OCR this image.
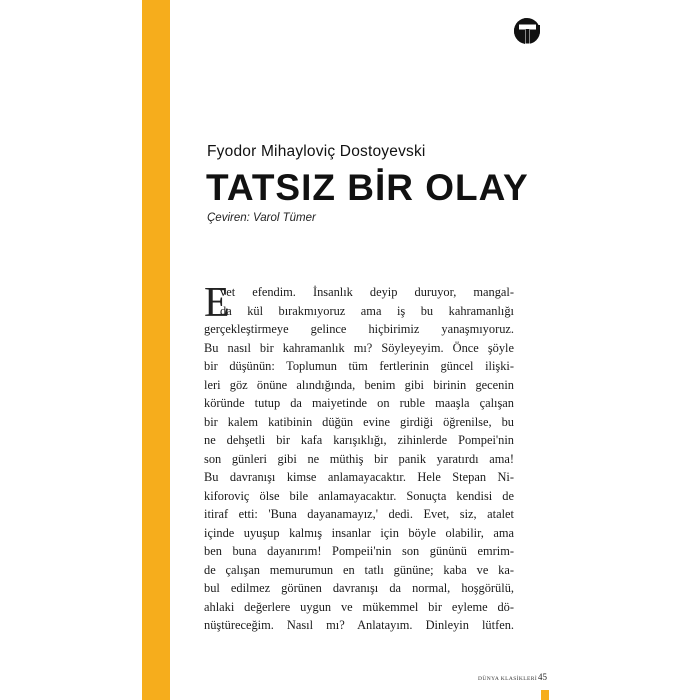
Fyodor Mihayloviç Dostoyevski
TATSIZ BİR OLAY
Çeviren: Varol Tümer
E
vet efendim. İnsanlık deyip duruyor, mangal-
da kül bırakmıyoruz ama iş bu kahramanlığı
gerçekleştirmeye gelince hiçbirimiz yanaşmıyoruz.
Bu nasıl bir kahramanlık mı? Söyleyeyim. Önce şöyle
bir düşünün: Toplumun tüm fertlerinin güncel ilişki-
leri göz önüne alındığında, benim gibi birinin gecenin
köründe tutup da maiyetinde on ruble maaşla çalışan
bir kalem katibinin düğün evine girdiği öğrenilse, bu
ne dehşetli bir kafa karışıklığı, zihinlerde Pompei'nin
son günleri gibi ne müthiş bir panik yaratırdı ama!
Bu davranışı kimse anlamayacaktır. Hele Stepan Ni-
kiforoviç ölse bile anlamayacaktır. Sonuçta kendisi de
itiraf etti: 'Buna dayanamayız,' dedi. Evet, siz, atalet
içinde uyuşup kalmış insanlar için böyle olabilir, ama
ben buna dayanırım! Pompeii'nin son gününü emrim-
de çalışan memurumun en tatlı gününe; kaba ve ka-
bul edilmez görünen davranışı da normal, hoşgörülü,
ahlaki değerlere uygun ve mükemmel bir eyleme dö-
nüştüreceğim. Nasıl mı? Anlatayım. Dinleyin lütfen.
DÜNYA KLASİKLERİ 45
